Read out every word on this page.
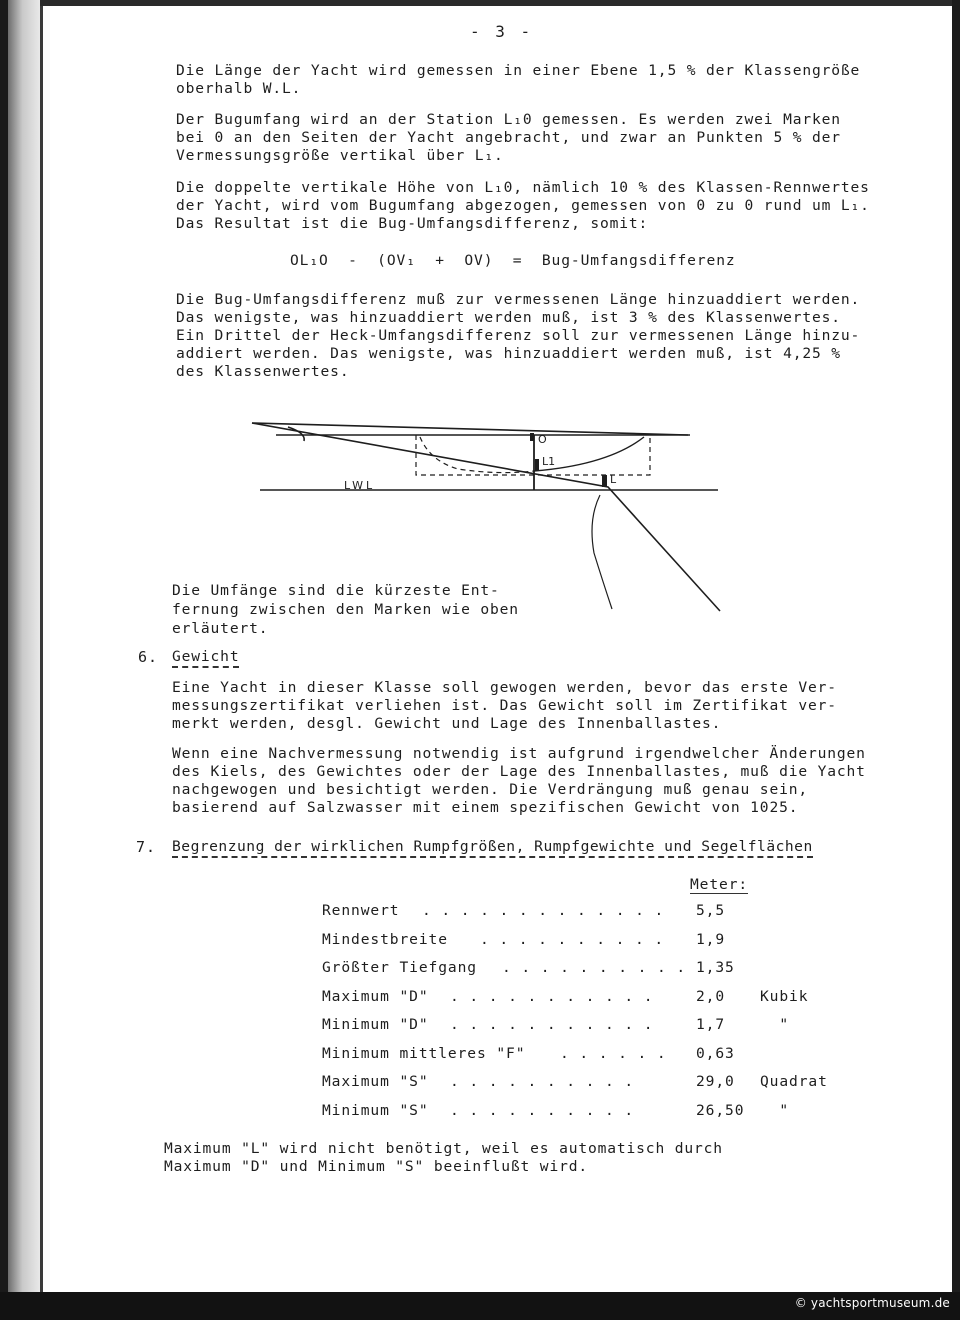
© yachtsportmuseum.de
- 3 -
Die Länge der Yacht wird gemessen in einer Ebene 1,5 % der Klassengröße
oberhalb W.L.
Der Bugumfang wird an der Station L₁0 gemessen. Es werden zwei Marken
bei 0 an den Seiten der Yacht angebracht, und zwar an Punkten 5 % der
Vermessungsgröße vertikal über L₁.
Die doppelte vertikale Höhe von L₁0, nämlich 10 % des Klassen-Rennwertes
der Yacht, wird vom Bugumfang abgezogen, gemessen von 0 zu 0 rund um L₁.
Das Resultat ist die Bug-Umfangsdifferenz, somit:
OL₁O  -  (OV₁  +  OV)  =  Bug-Umfangsdifferenz
Die Bug-Umfangsdifferenz muß zur vermessenen Länge hinzuaddiert werden.
Das wenigste, was hinzuaddiert werden muß, ist 3 % des Klassenwertes.
Ein Drittel der Heck-Umfangsdifferenz soll zur vermessenen Länge hinzu-
addiert werden. Das wenigste, was hinzuaddiert werden muß, ist 4,25 %
des Klassenwertes.
O
L1
L
LWL
Die Umfänge sind die kürzeste Ent-
fernung zwischen den Marken wie oben
erläutert.
6. Gewicht
Eine Yacht in dieser Klasse soll gewogen werden, bevor das erste Ver-
messungszertifikat verliehen ist. Das Gewicht soll im Zertifikat ver-
merkt werden, desgl. Gewicht und Lage des Innenballastes.
Wenn eine Nachvermessung notwendig ist aufgrund irgendwelcher Änderungen
des Kiels, des Gewichtes oder der Lage des Innenballastes, muß die Yacht
nachgewogen und besichtigt werden. Die Verdrängung muß genau sein,
basierend auf Salzwasser mit einem spezifischen Gewicht von 1025.
7. Begrenzung der wirklichen Rumpfgrößen, Rumpfgewichte und Segelflächen
Meter:
Rennwert . . . . . . . . . . . . . 5,5
Mindestbreite . . . . . . . . . . 1,9
Größter Tiefgang . . . . . . . . . . 1,35
Maximum "D" . . . . . . . . . . .	2,0 Kubik
Minimum "D" . . . . . . . . . . .	1,7 "
Minimum mittleres "F" . . . . . . 0,63
Maximum "S" . . . . . . . . . .	29,0 Quadrat
Minimum "S" . . . . . . . . . .	26,50 "
Maximum "L" wird nicht benötigt, weil es automatisch durch
Maximum "D" und Minimum "S" beeinflußt wird.
